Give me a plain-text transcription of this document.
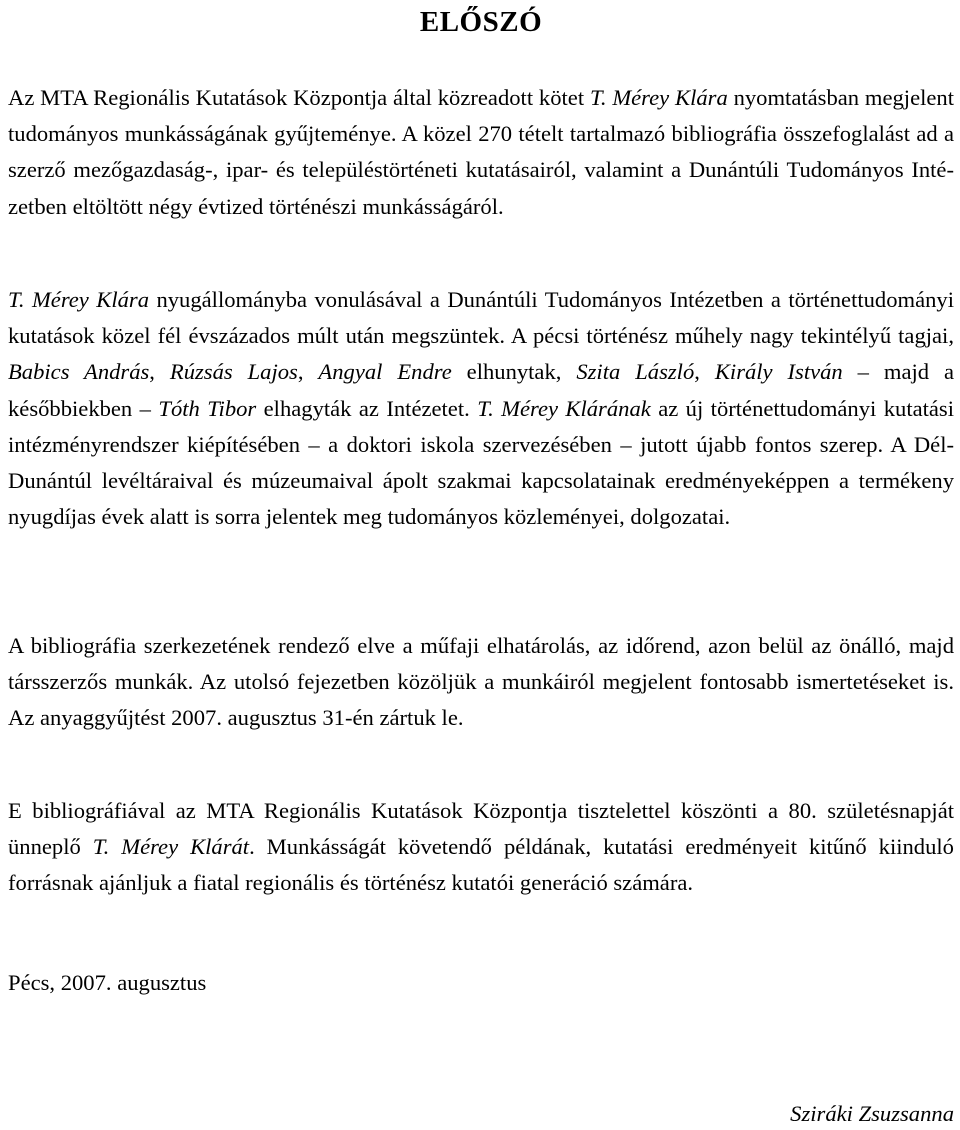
ELŐSZÓ

Az MTA Regionális Kutatások Központja által közreadott kötet T. Mérey Klára nyomtatásban megjelent tudományos munkásságának gyűjteménye. A közel 270 tételt tartalmazó bibliográfia összefoglalást ad a szerző mezőgazdaság-, ipar- és településtörténeti kutatásairól, valamint a Dunántúli Tudományos Intézetben eltöltött négy évtized történészi munkásságáról.

T. Mérey Klára nyugállományba vonulásával a Dunántúli Tudományos Intézetben a történettudományi kutatások közel fél évszázados múlt után megszüntek. A pécsi történész műhely nagy tekintélyű tagjai, Babics András, Rúzsás Lajos, Angyal Endre elhunytak, Szita László, Király István – majd a későbbiekben – Tóth Tibor elhagyták az Intézetet. T. Mérey Klárának az új történettudományi kutatási intézményrendszer kiépítésében – a doktori iskola szervezésében – jutott újabb fontos szerep. A Dél-Dunántúl levéltáraival és múzeumaival ápolt szakmai kapcsolatainak eredményeképpen a termékeny nyugdíjas évek alatt is sorra jelentek meg tudományos közleményei, dolgozatai.

A bibliográfia szerkezetének rendező elve a műfaji elhatárolás, az időrend, azon belül az önálló, majd társszerzős munkák. Az utolsó fejezetben közöljük a munkáiról megjelent fontosabb ismertetéseket is. Az anyaggyűjtést 2007. augusztus 31-én zártuk le.

E bibliográfiával az MTA Regionális Kutatások Központja tisztelettel köszönti a 80. születésnapját ünneplő T. Mérey Klárát. Munkásságát követendő példának, kutatási eredményeit kitűnő kiinduló forrásnak ajánljuk a fiatal regionális és történész kutatói generáció számára.

Pécs, 2007. augusztus

Sziráki Zsuzsanna
